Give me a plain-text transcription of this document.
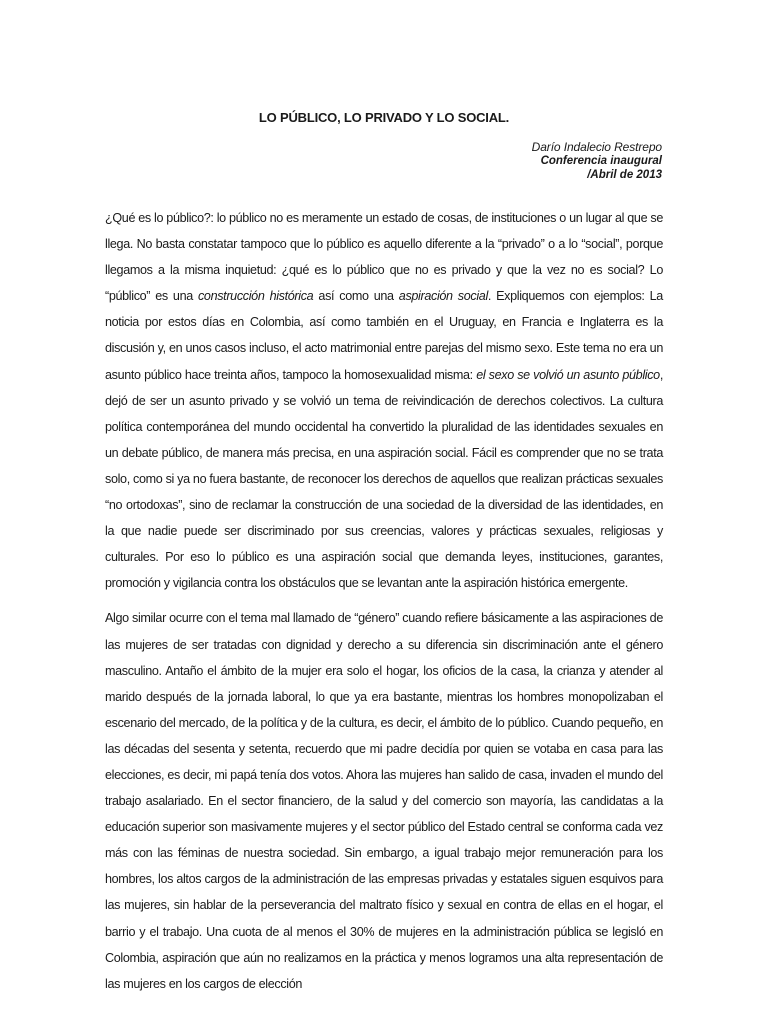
LO PÚBLICO, LO PRIVADO Y LO SOCIAL.
Darío Indalecio Restrepo
Conferencia inaugural
/Abril de 2013

¿Qué es lo público?: lo público no es meramente un estado de cosas, de instituciones o un lugar al que se llega. No basta constatar tampoco que lo público es aquello diferente a la “privado” o a lo “social”, porque llegamos a la misma inquietud: ¿qué es lo público que no es privado y que la vez no es social? Lo “público” es una construcción histórica así como una aspiración social. Expliquemos con ejemplos: La noticia por estos días en Colombia, así como también en el Uruguay, en Francia e Inglaterra es la discusión y, en unos casos incluso, el acto matrimonial entre parejas del mismo sexo. Este tema no era un asunto público hace treinta años, tampoco la homosexualidad misma: el sexo se volvió un asunto público, dejó de ser un asunto privado y se volvió un tema de reivindicación de derechos colectivos. La cultura política contemporánea del mundo occidental ha convertido la pluralidad de las identidades sexuales en un debate público, de manera más precisa, en una aspiración social. Fácil es comprender que no se trata solo, como si ya no fuera bastante, de reconocer los derechos de aquellos que realizan prácticas sexuales “no ortodoxas”, sino de reclamar la construcción de una sociedad de la diversidad de las identidades, en la que nadie puede ser discriminado por sus creencias, valores y prácticas sexuales, religiosas y culturales. Por eso lo público es una aspiración social que demanda leyes, instituciones, garantes, promoción y vigilancia contra los obstáculos que se levantan ante la aspiración histórica emergente.

Algo similar ocurre con el tema mal llamado de “género” cuando refiere básicamente a las aspiraciones de las mujeres de ser tratadas con dignidad y derecho a su diferencia sin discriminación ante el género masculino. Antaño el ámbito de la mujer era solo el hogar, los oficios de la casa, la crianza y atender al marido después de la jornada laboral, lo que ya era bastante, mientras los hombres monopolizaban el escenario del mercado, de la política y de la cultura, es decir, el ámbito de lo público. Cuando pequeño, en las décadas del sesenta y setenta, recuerdo que mi padre decidía por quien se votaba en casa para las elecciones, es decir, mi papá tenía dos votos. Ahora las mujeres han salido de casa, invaden el mundo del trabajo asalariado. En el sector financiero, de la salud y del comercio son mayoría, las candidatas a la educación superior son masivamente mujeres y el sector público del Estado central se conforma cada vez más con las féminas de nuestra sociedad. Sin embargo, a igual trabajo mejor remuneración para los hombres, los altos cargos de la administración de las empresas privadas y estatales siguen esquivos para las mujeres, sin hablar de la perseverancia del maltrato físico y sexual en contra de ellas en el hogar, el barrio y el trabajo. Una cuota de al menos el 30% de mujeres en la administración pública se legisló en Colombia, aspiración que aún no realizamos en la práctica y menos logramos una alta representación de las mujeres en los cargos de elección
